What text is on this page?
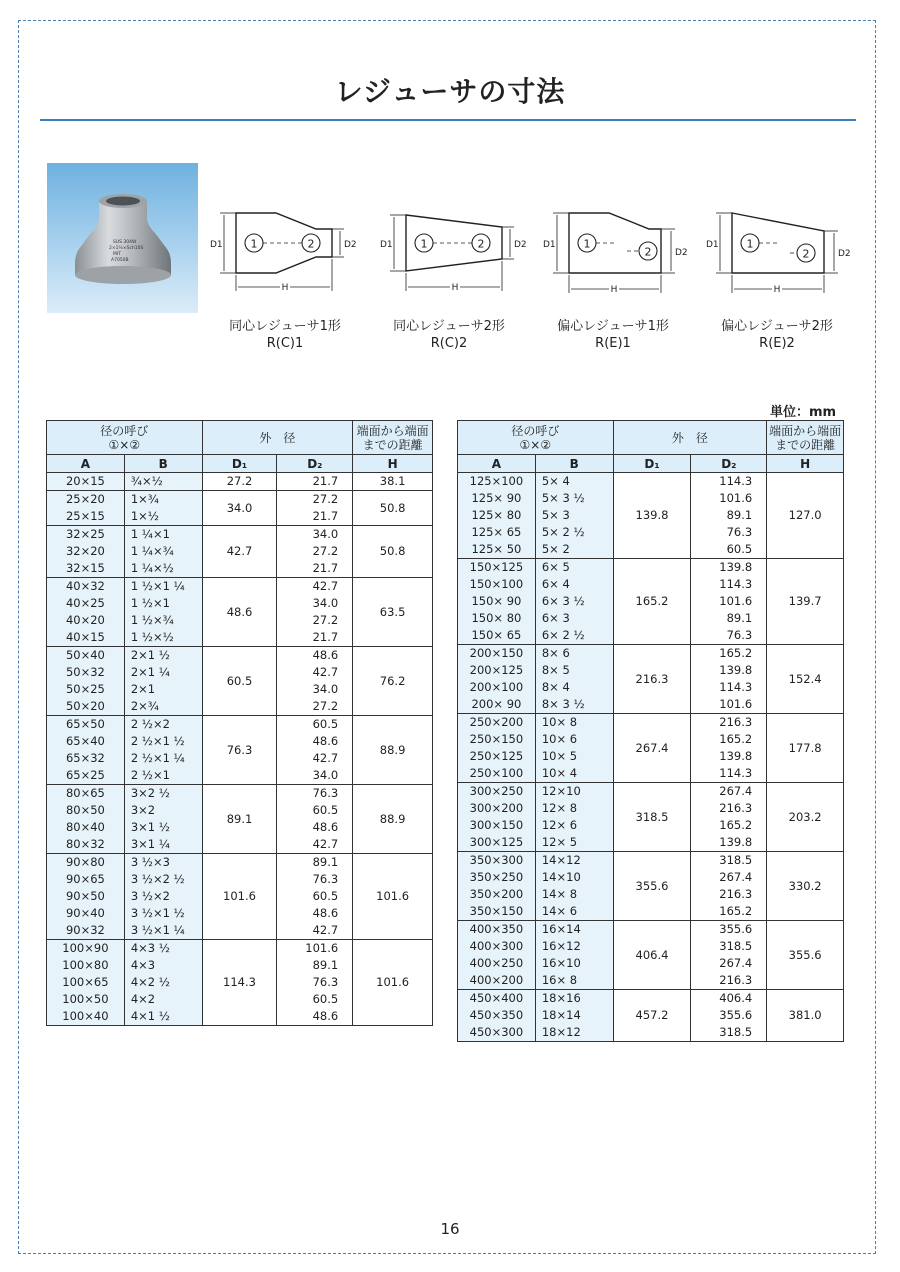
レジューサの寸法
SUS 304W
2×1½×Sch10S
MIT
A7050B
1	2
D1	D2
H
1	2
D1	D2
H
1
2
D1
D2
H
1
2
D1
D2
H
同心レジューサ1形
R(C)1
同心レジューサ2形
R(C)2
偏心レジューサ1形
R(E)1
偏心レジューサ2形
R(E)2
単位：mm
径の呼び
①×②		外　径		端面から端面までの距離
A	B	D₁	D₂	H
20×15	¾×½	27.2	21.7	38.1
25×20	1×¾	34.0	27.2	50.8
25×15	1×½		21.7	
32×25	1 ¼×1	42.7	34.0	50.8
32×20	1 ¼×¾		27.2	
32×15	1 ¼×½		21.7	
40×32	1 ½×1 ¼	48.6	42.7	63.5
40×25	1 ½×1		34.0	
40×20	1 ½×¾		27.2	
40×15	1 ½×½		21.7	
50×40	2×1 ½	60.5	48.6	76.2
50×32	2×1 ¼		42.7	
50×25	2×1		34.0	
50×20	2×¾		27.2	
65×50	2 ½×2	76.3	60.5	88.9
65×40	2 ½×1 ½		48.6	
65×32	2 ½×1 ¼		42.7	
65×25	2 ½×1		34.0	
80×65	3×2 ½	89.1	76.3	88.9
80×50	3×2		60.5	
80×40	3×1 ½		48.6	
80×32	3×1 ¼		42.7	
90×80	3 ½×3	101.6	89.1	101.6
90×65	3 ½×2 ½		76.3	
90×50	3 ½×2		60.5	
90×40	3 ½×1 ½		48.6	
90×32	3 ½×1 ¼		42.7	
100×90	4×3 ½	114.3	101.6	101.6
100×80	4×3		89.1	
100×65	4×2 ½		76.3	
100×50	4×2		60.5	
100×40	4×1 ½		48.6	
径の呼び
①×②		外　径		端面から端面までの距離
A	B	D₁	D₂	H
125×100	5× 4	139.8	114.3	127.0
125× 90	5× 3 ½		101.6	
125× 80	5× 3		89.1	
125× 65	5× 2 ½		76.3	
125× 50	5× 2		60.5	
150×125	6× 5	165.2	139.8	139.7
150×100	6× 4		114.3	
150× 90	6× 3 ½		101.6	
150× 80	6× 3		89.1	
150× 65	6× 2 ½		76.3	
200×150	8× 6	216.3	165.2	152.4
200×125	8× 5		139.8	
200×100	8× 4		114.3	
200× 90	8× 3 ½		101.6	
250×200	10× 8	267.4	216.3	177.8
250×150	10× 6		165.2	
250×125	10× 5		139.8	
250×100	10× 4		114.3	
300×250	12×10	318.5	267.4	203.2
300×200	12× 8		216.3	
300×150	12× 6		165.2	
300×125	12× 5		139.8	
350×300	14×12	355.6	318.5	330.2
350×250	14×10		267.4	
350×200	14× 8		216.3	
350×150	14× 6		165.2	
400×350	16×14	406.4	355.6	355.6
400×300	16×12		318.5	
400×250	16×10		267.4	
400×200	16× 8		216.3	
450×400	18×16	457.2	406.4	381.0
450×350	18×14		355.6	
450×300	18×12		318.5	
16
